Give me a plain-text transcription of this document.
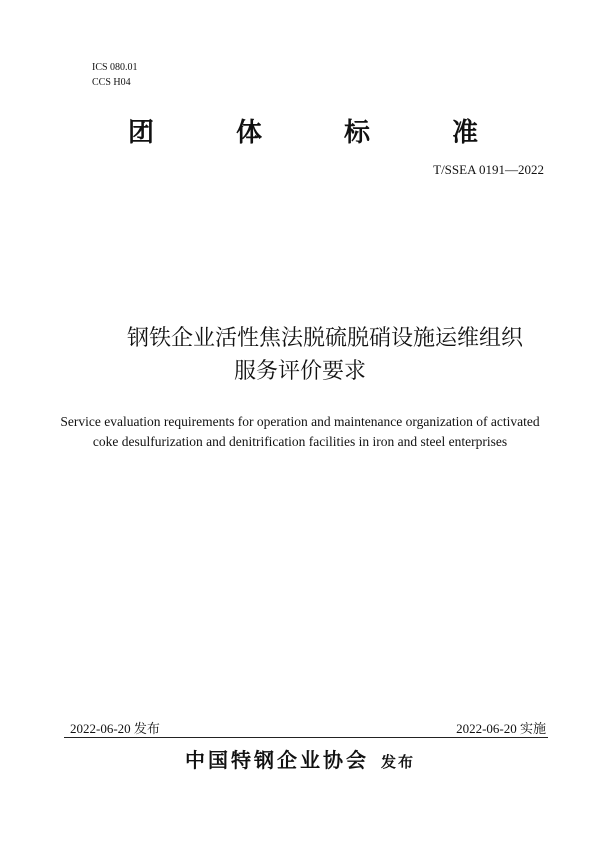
ICS 080.01
CCS H04
团	体	标	准
T/SSEA 0191—2022
钢铁企业活性焦法脱硫脱硝设施运维组织
服务评价要求
Service evaluation requirements for operation and maintenance organization of activated coke desulfurization and denitrification facilities in iron and steel enterprises
2022-06-20 发布	2022-06-20 实施
中国特钢企业协会 发布
